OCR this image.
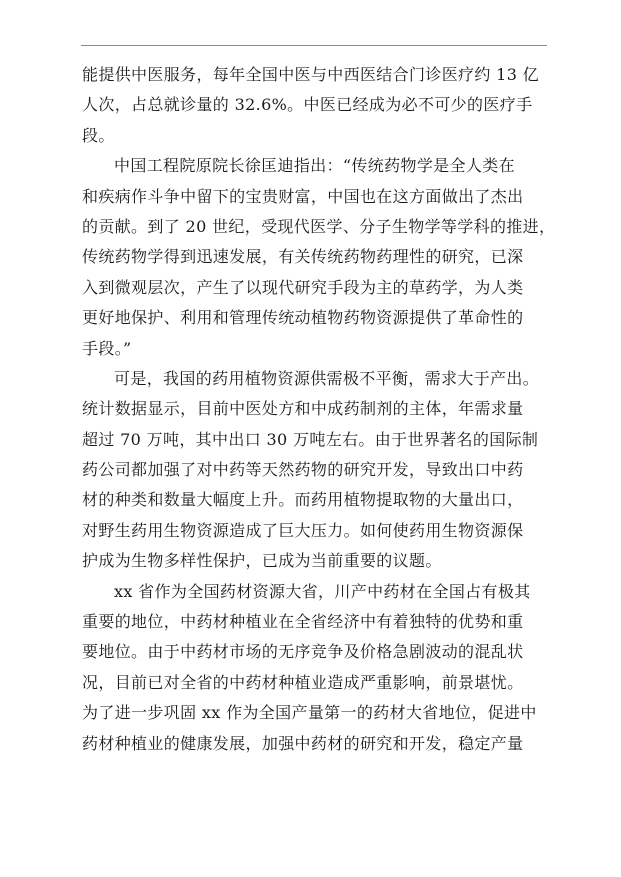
能提供中医服务，每年全国中医与中西医结合门诊医疗约 13 亿
人次，占总就诊量的 32.6%。中医已经成为必不可少的医疗手
段。
中国工程院原院长徐匡迪指出：“传统药物学是全人类在
和疾病作斗争中留下的宝贵财富，中国也在这方面做出了杰出
的贡献。到了 20 世纪，受现代医学、分子生物学等学科的推进，
传统药物学得到迅速发展，有关传统药物药理性的研究，已深
入到微观层次，产生了以现代研究手段为主的草药学，为人类
更好地保护、利用和管理传统动植物药物资源提供了革命性的
手段。”
可是，我国的药用植物资源供需极不平衡，需求大于产出。
统计数据显示，目前中医处方和中成药制剂的主体，年需求量
超过 70 万吨，其中出口 30 万吨左右。由于世界著名的国际制
药公司都加强了对中药等天然药物的研究开发，导致出口中药
材的种类和数量大幅度上升。而药用植物提取物的大量出口，
对野生药用生物资源造成了巨大压力。如何使药用生物资源保
护成为生物多样性保护，已成为当前重要的议题。
xx 省作为全国药材资源大省，川产中药材在全国占有极其
重要的地位，中药材种植业在全省经济中有着独特的优势和重
要地位。由于中药材市场的无序竞争及价格急剧波动的混乱状
况，目前已对全省的中药材种植业造成严重影响，前景堪忧。
为了进一步巩固 xx 作为全国产量第一的药材大省地位，促进中
药材种植业的健康发展，加强中药材的研究和开发，稳定产量
